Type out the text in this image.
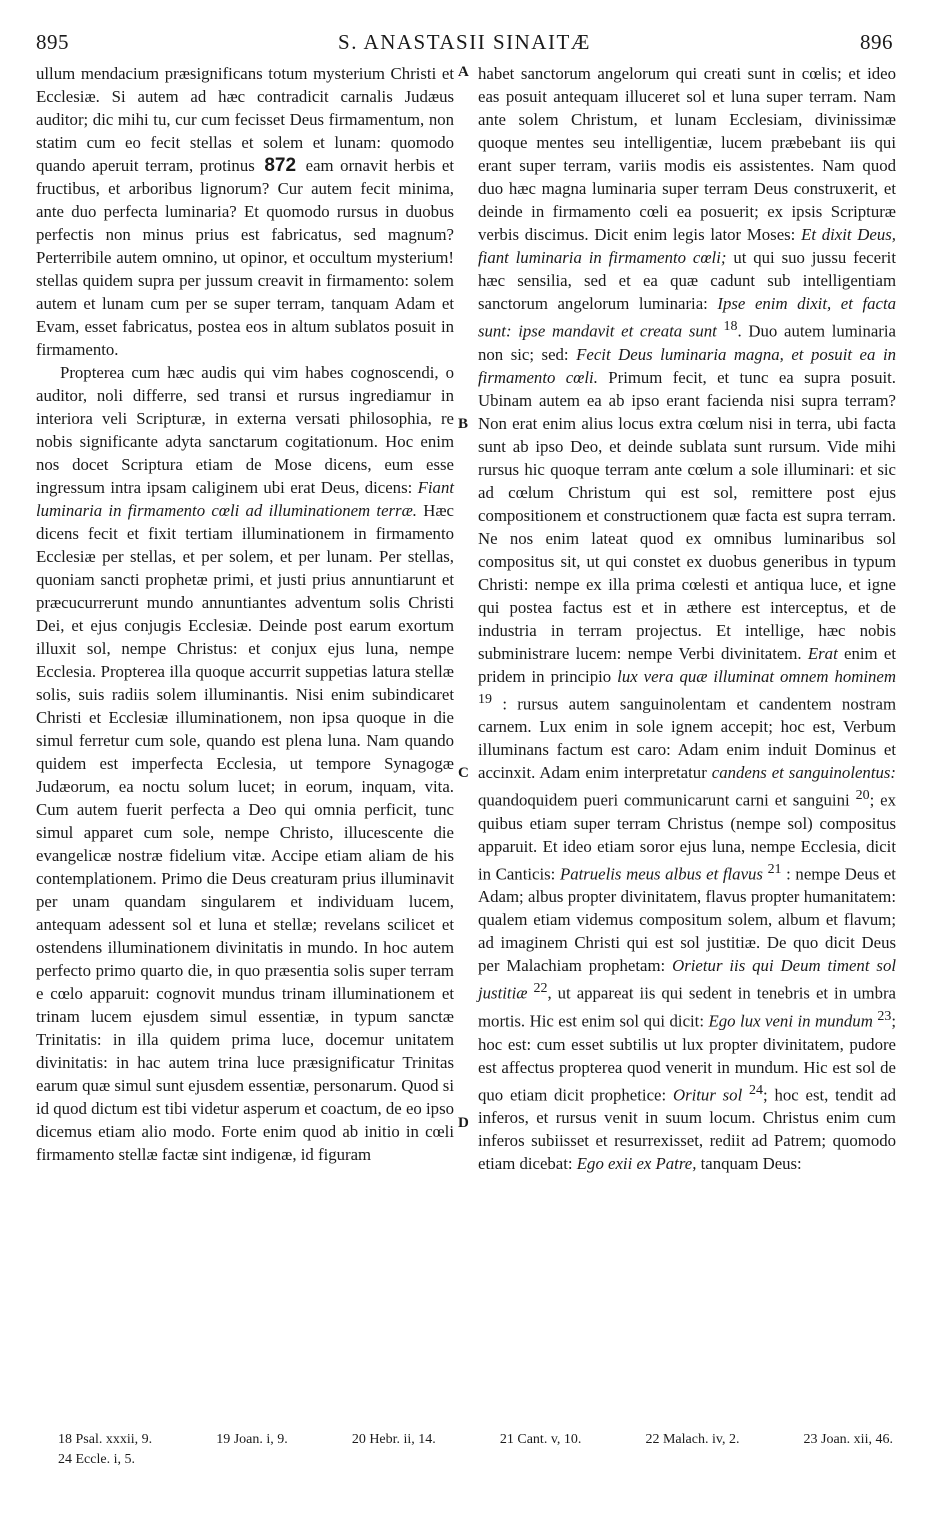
895	S. ANASTASII SINAITÆ	896
A
B
C
D

ullum mendacium præsignificans totum mysterium Christi et Ecclesiæ. Si autem ad hæc contradicit carnalis Judæus auditor; dic mihi tu, cur cum fecisset Deus firmamentum, non statim cum eo fecit stellas et solem et lunam: quomodo quando aperuit terram, protinus 872 eam ornavit herbis et fructibus, et arboribus lignorum? Cur autem fecit minima, ante duo perfecta luminaria? Et quomodo rursus in duobus perfectis non minus prius est fabricatus, sed magnum? Perterribile autem omnino, ut opinor, et occultum mysterium! stellas quidem supra per jussum creavit in firmamento: solem autem et lunam cum per se super terram, tanquam Adam et Evam, esset fabricatus, postea eos in altum sublatos posuit in firmamento.

Propterea cum hæc audis qui vim habes cognoscendi, o auditor, noli differre, sed transi et rursus ingrediamur in interiora veli Scripturæ, in externa versati philosophia, re nobis significante adyta sanctarum cogitationum. Hoc enim nos docet Scriptura etiam de Mose dicens, eum esse ingressum intra ipsam caliginem ubi erat Deus, dicens: Fiant luminaria in firmamento cœli ad illuminationem terræ. Hæc dicens fecit et fixit tertiam illuminationem in firmamento Ecclesiæ per stellas, et per solem, et per lunam. Per stellas, quoniam sancti prophetæ primi, et justi prius annuntiarunt et præcucurrerunt mundo annuntiantes adventum solis Christi Dei, et ejus conjugis Ecclesiæ. Deinde post earum exortum illuxit sol, nempe Christus: et conjux ejus luna, nempe Ecclesia. Propterea illa quoque accurrit suppetias latura stellæ solis, suis radiis solem illuminantis. Nisi enim subindicaret Christi et Ecclesiæ illuminationem, non ipsa quoque in die simul ferretur cum sole, quando est plena luna. Nam quando quidem est imperfecta Ecclesia, ut tempore Synagogæ Judæorum, ea noctu solum lucet; in eorum, inquam, vita. Cum autem fuerit perfecta a Deo qui omnia perficit, tunc simul apparet cum sole, nempe Christo, illucescente die evangelicæ nostræ fidelium vitæ. Accipe etiam aliam de his contemplationem. Primo die Deus creaturam prius illuminavit per unam quandam singularem et individuam lucem, antequam adessent sol et luna et stellæ; revelans scilicet et ostendens illuminationem divinitatis in mundo. In hoc autem perfecto primo quarto die, in quo præsentia solis super terram e cœlo apparuit: cognovit mundus trinam illuminationem et trinam lucem ejusdem simul essentiæ, in typum sanctæ Trinitatis: in illa quidem prima luce, docemur unitatem divinitatis: in hac autem trina luce præsignificatur Trinitas earum quæ simul sunt ejusdem essentiæ, personarum. Quod si id quod dictum est tibi videtur asperum et coactum, de eo ipso dicemus etiam alio modo. Forte enim quod ab initio in cœli firmamento stellæ factæ sint indigenæ, id figuram

habet sanctorum angelorum qui creati sunt in cœlis; et ideo eas posuit antequam illuceret sol et luna super terram. Nam ante solem Christum, et lunam Ecclesiam, divinissimæ quoque mentes seu intelligentiæ, lucem præbebant iis qui erant super terram, variis modis eis assistentes. Nam quod duo hæc magna luminaria super terram Deus construxerit, et deinde in firmamento cœli ea posuerit; ex ipsis Scripturæ verbis discimus. Dicit enim legis lator Moses: Et dixit Deus, fiant luminaria in firmamento cœli; ut qui suo jussu fecerit hæc sensilia, sed et ea quæ cadunt sub intelligentiam sanctorum angelorum luminaria: Ipse enim dixit, et facta sunt: ipse mandavit et creata sunt $^{18}$. Duo autem luminaria non sic; sed: Fecit Deus luminaria magna, et posuit ea in firmamento cœli. Primum fecit, et tunc ea supra posuit. Ubinam autem ea ab ipso erant facienda nisi supra terram? Non erat enim alius locus extra cœlum nisi in terra, ubi facta sunt ab ipso Deo, et deinde sublata sunt rursum. Vide mihi rursus hic quoque terram ante cœlum a sole illuminari: et sic ad cœlum Christum qui est sol, remittere post ejus compositionem et constructionem quæ facta est supra terram. Ne nos enim lateat quod ex omnibus luminaribus sol compositus sit, ut qui constet ex duobus generibus in typum Christi: nempe ex illa prima cœlesti et antiqua luce, et igne qui postea factus est et in æthere est interceptus, et de industria in terram projectus. Et intellige, hæc nobis subministrare lucem: nempe Verbi divinitatem. Erat enim et pridem in principio lux vera quæ illuminat omnem hominem $^{19}$ : rursus autem sanguinolentam et candentem nostram carnem. Lux enim in sole ignem accepit; hoc est, Verbum illuminans factum est caro: Adam enim induit Dominus et accinxit. Adam enim interpretatur candens et sanguinolentus: quandoquidem pueri communicarunt carni et sanguini $^{20}$; ex quibus etiam super terram Christus (nempe sol) compositus apparuit. Et ideo etiam soror ejus luna, nempe Ecclesia, dicit in Canticis: Patruelis meus albus et flavus $^{21}$ : nempe Deus et Adam; albus propter divinitatem, flavus propter humanitatem: qualem etiam videmus compositum solem, album et flavum; ad imaginem Christi qui est sol justitiæ. De quo dicit Deus per Malachiam prophetam: Orietur iis qui Deum timent sol justitiæ $^{22}$, ut appareat iis qui sedent in tenebris et in umbra mortis. Hic est enim sol qui dicit: Ego lux veni in mundum $^{23}$; hoc est: cum esset subtilis ut lux propter divinitatem, pudore est affectus propterea quod venerit in mundum. Hic est sol de quo etiam dicit prophetice: Oritur sol $^{24}$; hoc est, tendit ad inferos, et rursus venit in suum locum. Christus enim cum inferos subiisset et resurrexisset, rediit ad Patrem; quomodo etiam dicebat: Ego exii ex Patre, tanquam Deus:

18 Psal. xxxii, 9.	19 Joan. i, 9.	20 Hebr. ii, 14.	21 Cant. v, 10.	22 Malach. iv, 2.	23 Joan. xii, 46.
24 Eccle. i, 5.
